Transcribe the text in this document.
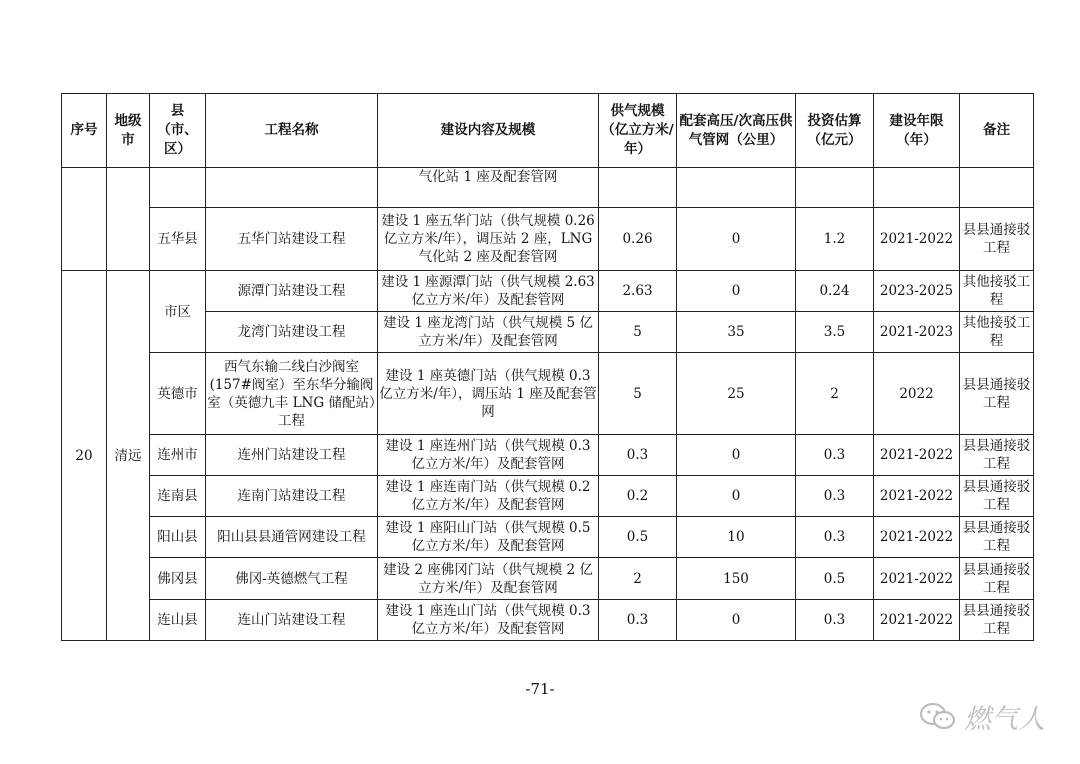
序号	地级市	县（市、区）	工程名称	建设内容及规模	供气规模（亿立方米/年）	配套高压/次高压供气管网（公里）	投资估算（亿元）	建设年限（年）	备注
				气化站 1 座及配套管网					
		五华县	五华门站建设工程	建设 1 座五华门站（供气规模 0.26 亿立方米/年），调压站 2 座，LNG 气化站 2 座及配套管网	0.26	0	1.2	2021-2022	县县通接驳工程
20	清远	市区	源潭门站建设工程	建设 1 座源潭门站（供气规模 2.63 亿立方米/年）及配套管网	2.63	0	0.24	2023-2025	其他接驳工程
			龙湾门站建设工程	建设 1 座龙湾门站（供气规模 5 亿立方米/年）及配套管网	5	35	3.5	2021-2023	其他接驳工程
		英德市	西气东输二线白沙阀室(157#阀室）至东华分输阀室（英德九丰 LNG 储配站）工程	建设 1 座英德门站（供气规模 0.3 亿立方米/年），调压站 1 座及配套管网	5	25	2	2022	县县通接驳工程
		连州市	连州门站建设工程	建设 1 座连州门站（供气规模 0.3 亿立方米/年）及配套管网	0.3	0	0.3	2021-2022	县县通接驳工程
		连南县	连南门站建设工程	建设 1 座连南门站（供气规模 0.2 亿立方米/年）及配套管网	0.2	0	0.3	2021-2022	县县通接驳工程
		阳山县	阳山县县通管网建设工程	建设 1 座阳山门站（供气规模 0.5 亿立方米/年）及配套管网	0.5	10	0.3	2021-2022	县县通接驳工程
		佛冈县	佛冈-英德燃气工程	建设 2 座佛冈门站（供气规模 2 亿立方米/年）及配套管网	2	150	0.5	2021-2022	县县通接驳工程
		连山县	连山门站建设工程	建设 1 座连山门站（供气规模 0.3 亿立方米/年）及配套管网	0.3	0	0.3	2021-2022	县县通接驳工程
-71-
燃气人
